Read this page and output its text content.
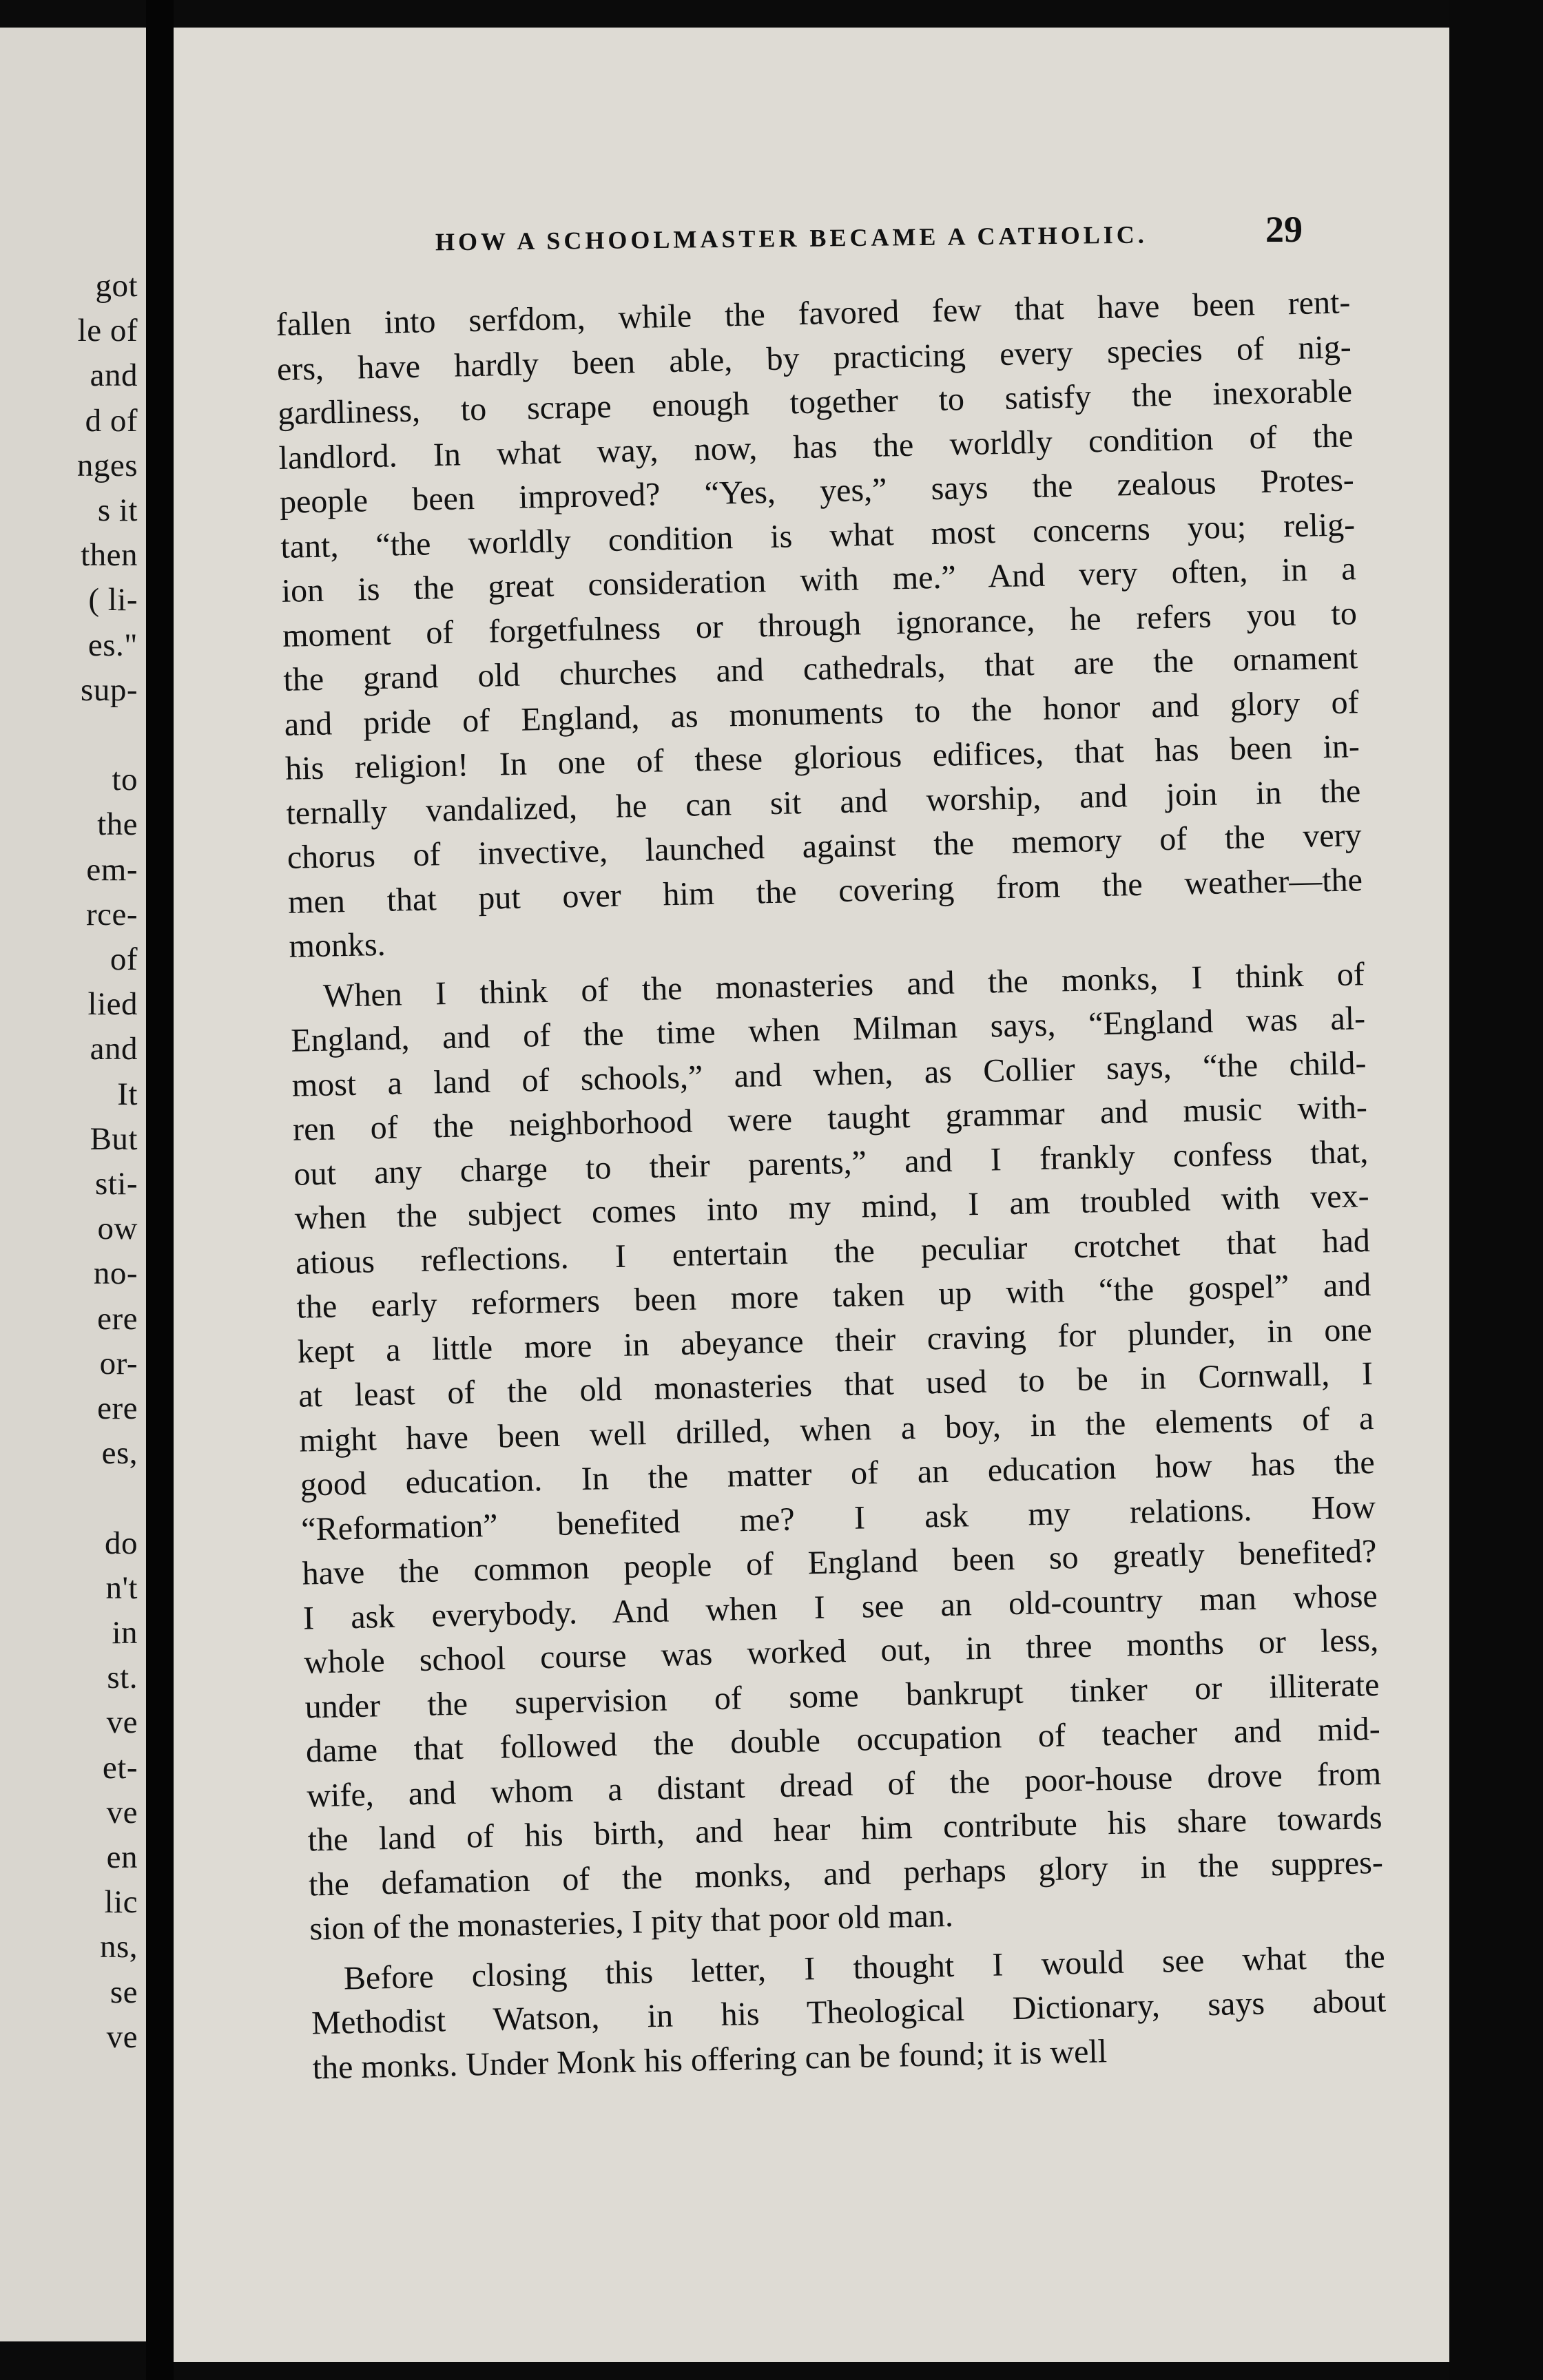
got
le of
and
d of
nges
s it
then
( li-
es."
sup-
to
the
em-
rce-
of
lied
and
It
But
sti-
ow
no-
ere
or-
ere
es,
do
n't
in
st.
ve
et-
ve
en
lic
ns,
se
ve
HOW A SCHOOLMASTER BECAME A CATHOLIC.	29
fallen into serfdom, while the favored few that have been rent-
ers, have hardly been able, by practicing every species of nig-
gardliness, to scrape enough together to satisfy the inexorable
landlord. In what way, now, has the worldly condition of the
people been improved? “Yes, yes,” says the zealous Protes-
tant, “the worldly condition is what most concerns you; relig-
ion is the great consideration with me.” And very often, in a
moment of forgetfulness or through ignorance, he refers you to
the grand old churches and cathedrals, that are the ornament
and pride of England, as monuments to the honor and glory of
his religion! In one of these glorious edifices, that has been in-
ternally vandalized, he can sit and worship, and join in the
chorus of invective, launched against the memory of the very
men that put over him the covering from the weather—the
monks.
When I think of the monasteries and the monks, I think of
England, and of the time when Milman says, “England was al-
most a land of schools,” and when, as Collier says, “the child-
ren of the neighborhood were taught grammar and music with-
out any charge to their parents,” and I frankly confess that,
when the subject comes into my mind, I am troubled with vex-
atious reflections. I entertain the peculiar crotchet that had
the early reformers been more taken up with “the gospel” and
kept a little more in abeyance their craving for plunder, in one
at least of the old monasteries that used to be in Cornwall, I
might have been well drilled, when a boy, in the elements of a
good education. In the matter of an education how has the
“Reformation” benefited me? I ask my relations. How
have the common people of England been so greatly benefited?
I ask everybody. And when I see an old-country man whose
whole school course was worked out, in three months or less,
under the supervision of some bankrupt tinker or illiterate
dame that followed the double occupation of teacher and mid-
wife, and whom a distant dread of the poor-house drove from
the land of his birth, and hear him contribute his share towards
the defamation of the monks, and perhaps glory in the suppres-
sion of the monasteries, I pity that poor old man.
Before closing this letter, I thought I would see what the
Methodist Watson, in his Theological Dictionary, says about
the monks. Under Monk his offering can be found; it is well
